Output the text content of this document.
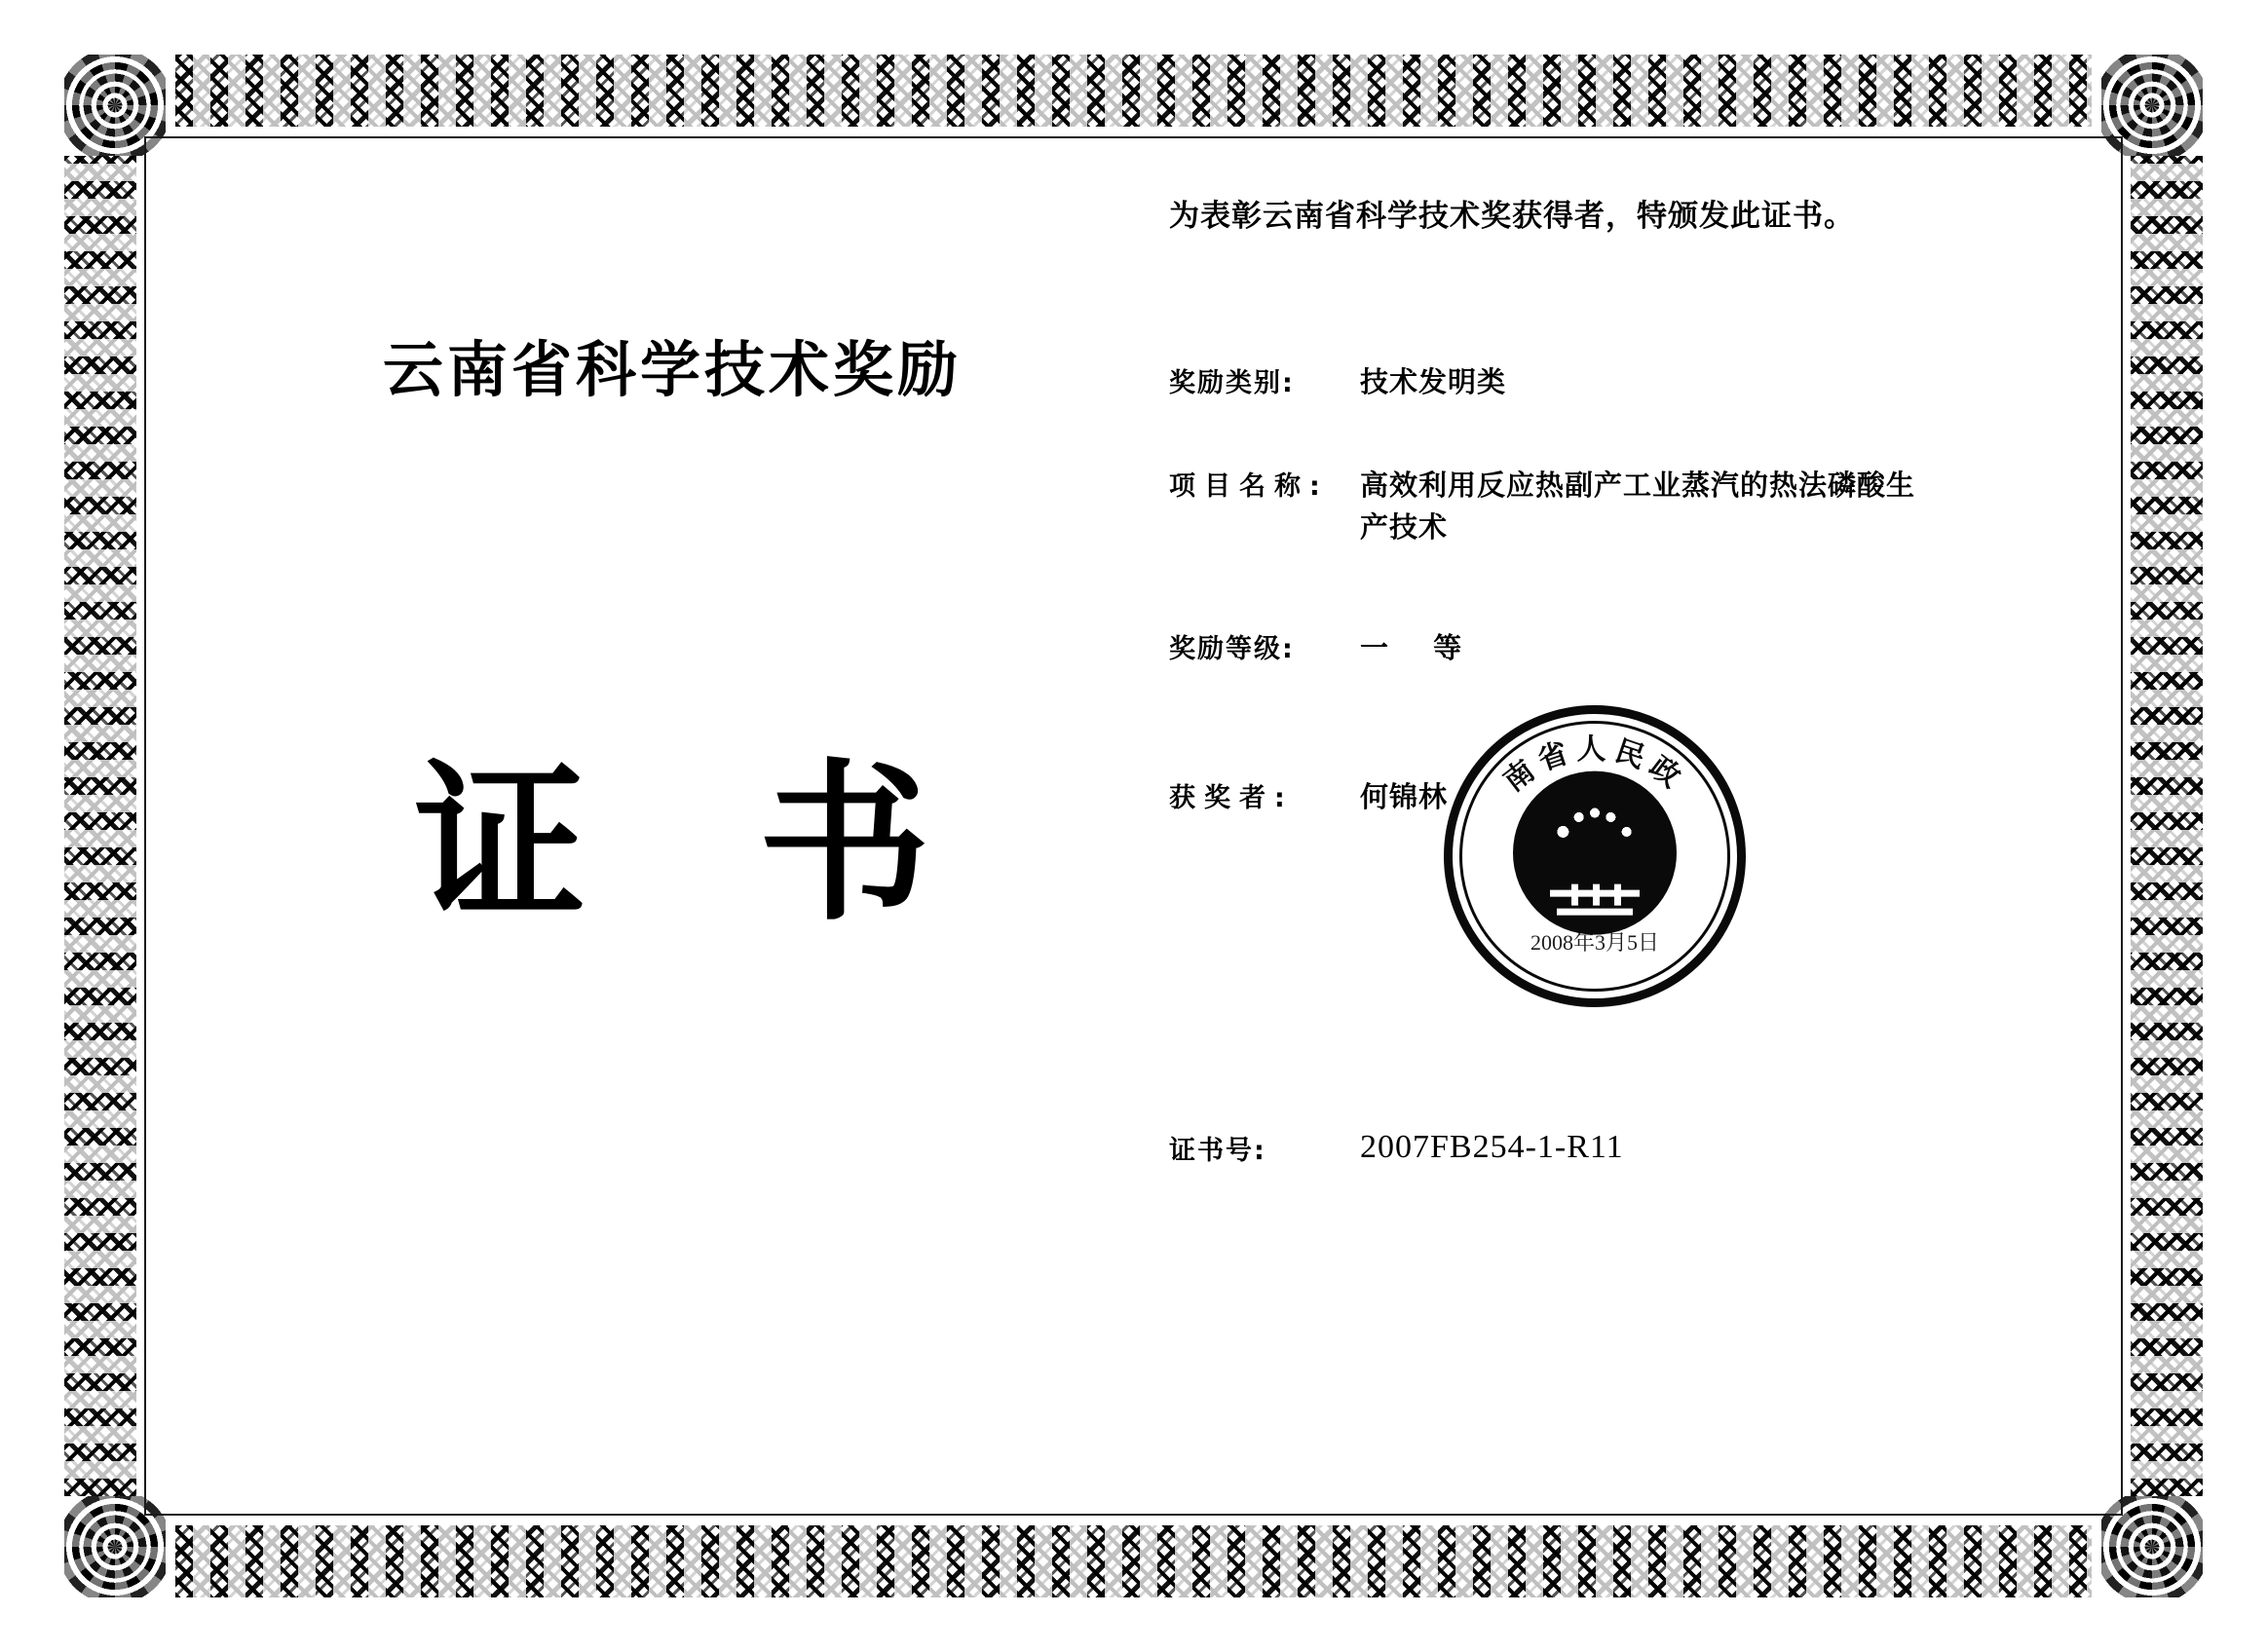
云南省科学技术奖励
证 书
为表彰云南省科学技术奖获得者，特颁发此证书。
奖励类别:	技术发明类
项目名称:	高效利用反应热副产工业蒸汽的热法磷酸生产技术
奖励等级:	一 等
获奖者:	何锦林
证书号:	2007FB254-1-R11
南省人民政
2008年3月5日
